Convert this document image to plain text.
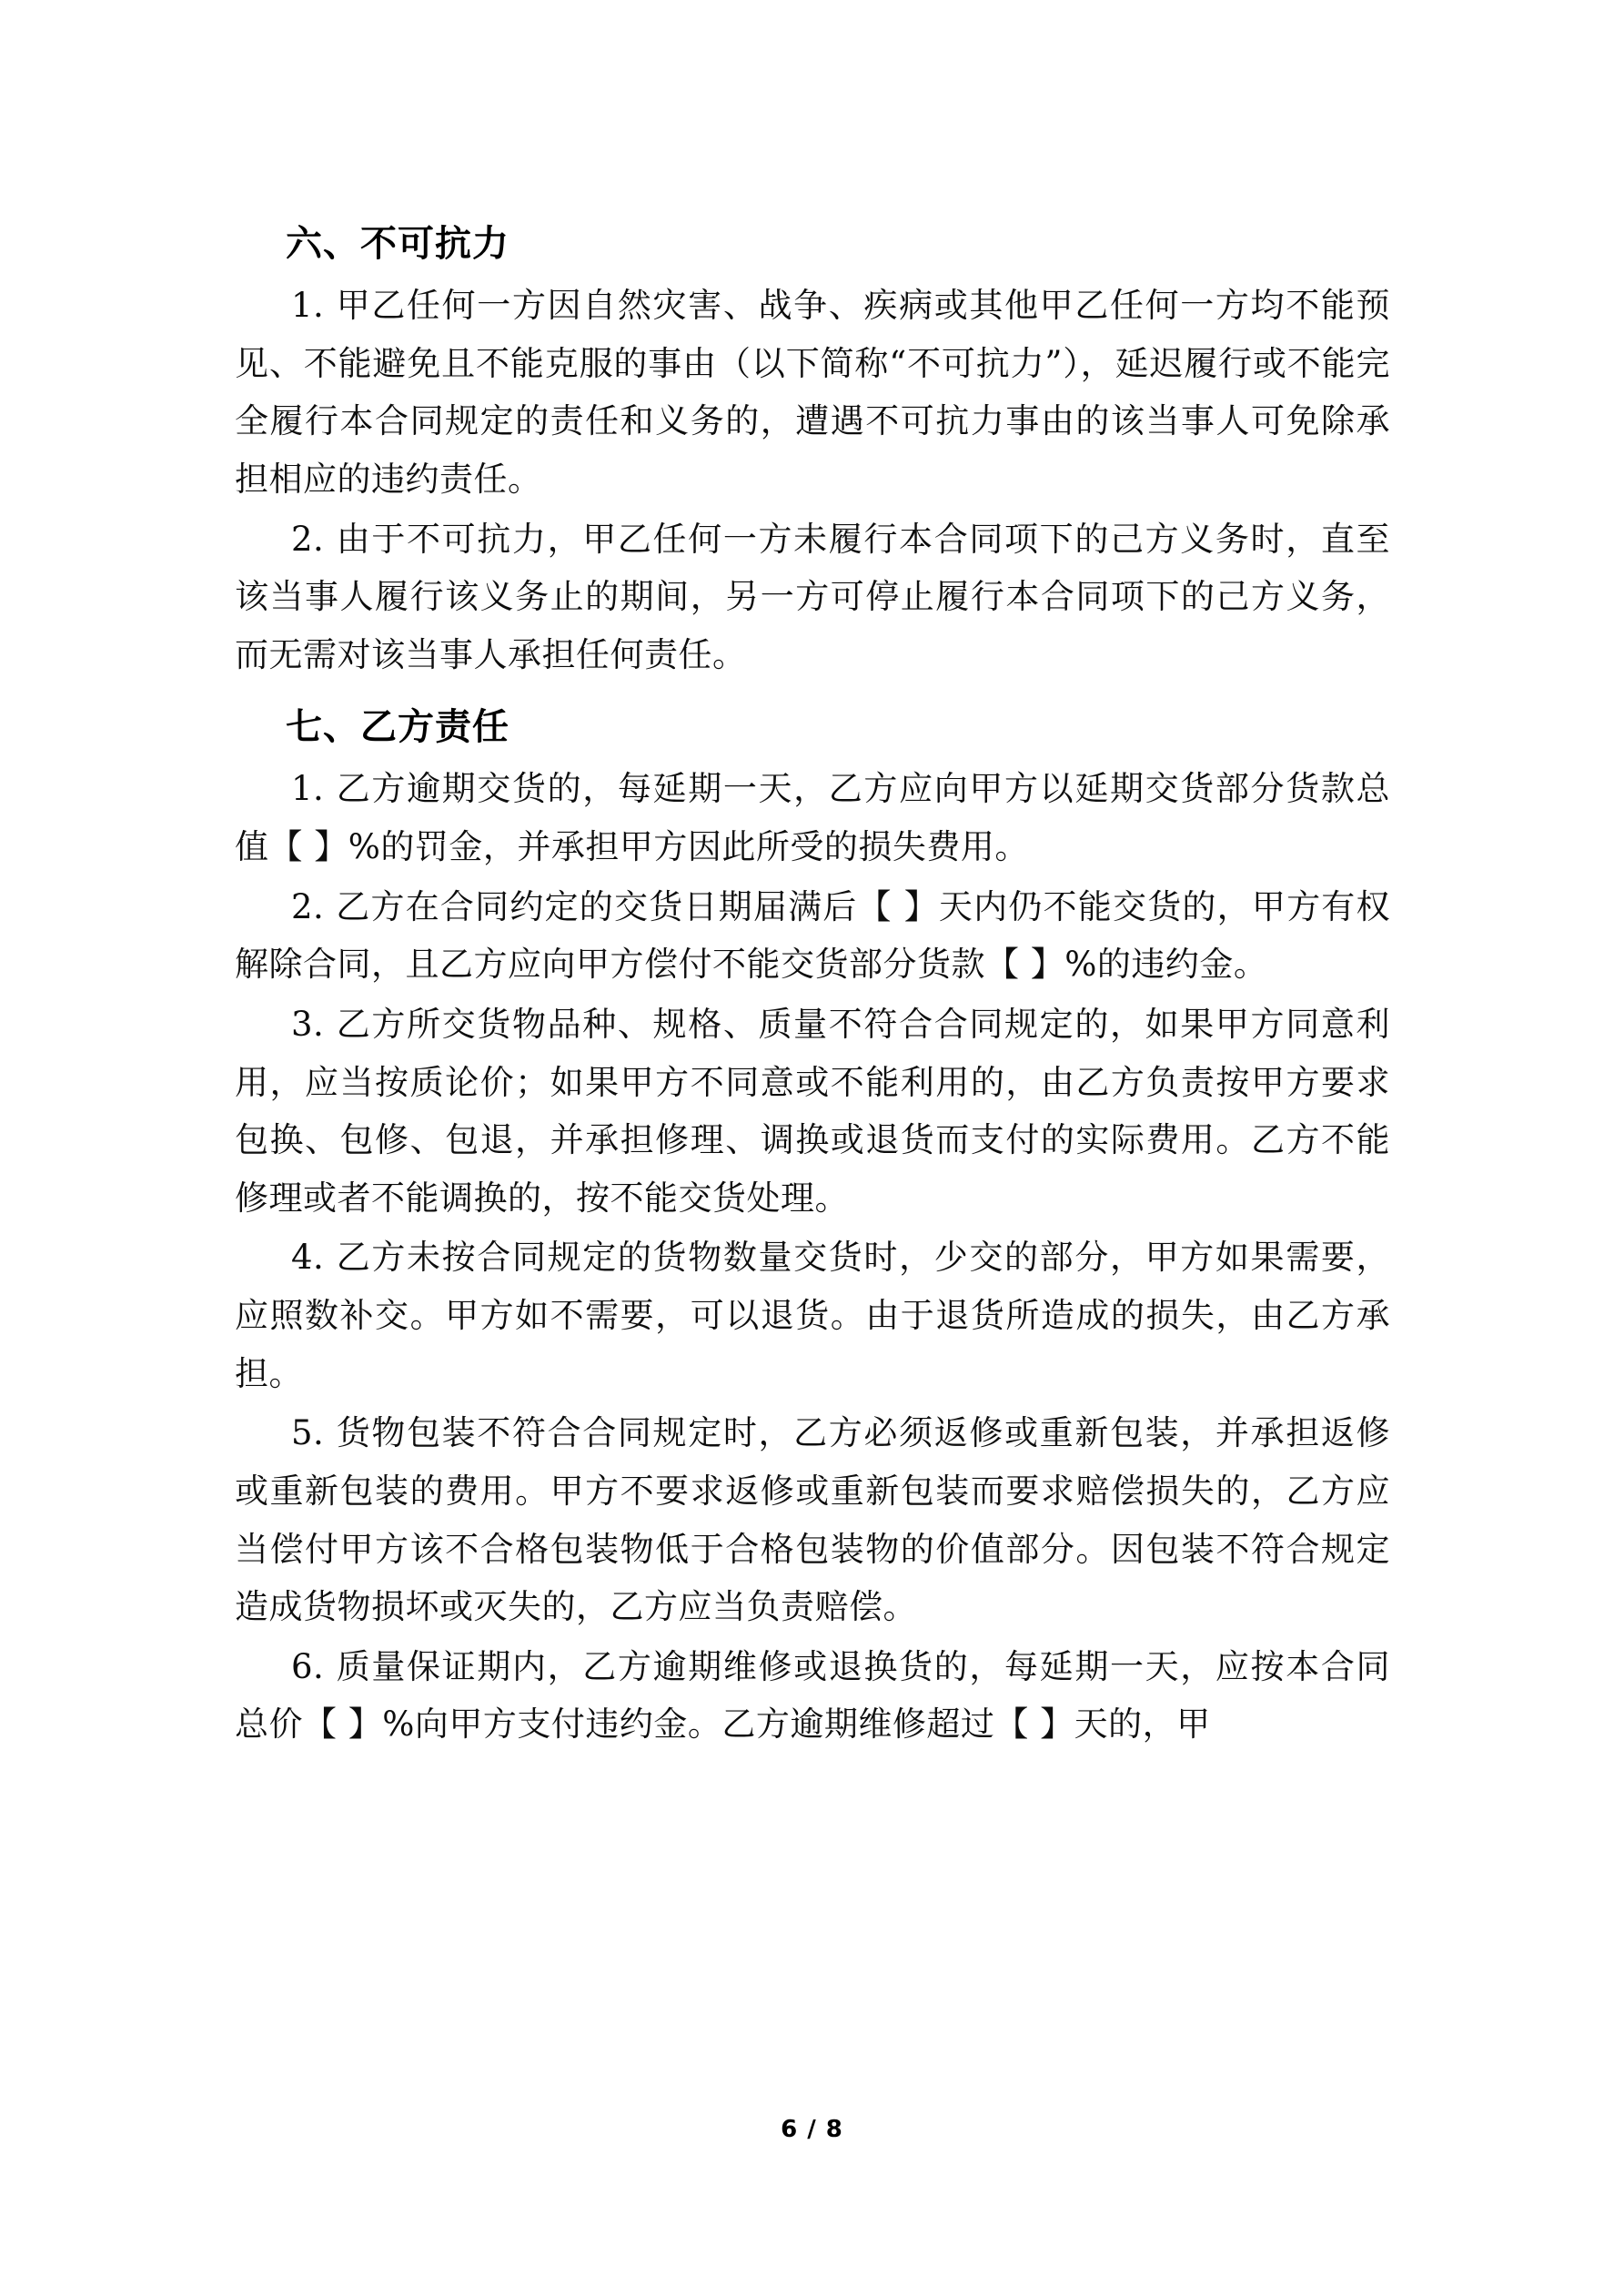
六、不可抗力

1. 甲乙任何一方因自然灾害、战争、疾病或其他甲乙任何一方均不能预见、不能避免且不能克服的事由（以下简称“不可抗力”），延迟履行或不能完全履行本合同规定的责任和义务的，遭遇不可抗力事由的该当事人可免除承担相应的违约责任。

2. 由于不可抗力，甲乙任何一方未履行本合同项下的己方义务时，直至该当事人履行该义务止的期间，另一方可停止履行本合同项下的己方义务，而无需对该当事人承担任何责任。

七、乙方责任

1. 乙方逾期交货的，每延期一天，乙方应向甲方以延期交货部分货款总值【 】%的罚金，并承担甲方因此所受的损失费用。

2. 乙方在合同约定的交货日期届满后【 】天内仍不能交货的，甲方有权解除合同，且乙方应向甲方偿付不能交货部分货款【 】%的违约金。

3. 乙方所交货物品种、规格、质量不符合合同规定的，如果甲方同意利用，应当按质论价；如果甲方不同意或不能利用的，由乙方负责按甲方要求包换、包修、包退，并承担修理、调换或退货而支付的实际费用。乙方不能修理或者不能调换的，按不能交货处理。

4. 乙方未按合同规定的货物数量交货时，少交的部分，甲方如果需要，应照数补交。甲方如不需要，可以退货。由于退货所造成的损失，由乙方承担。

5. 货物包装不符合合同规定时，乙方必须返修或重新包装，并承担返修或重新包装的费用。甲方不要求返修或重新包装而要求赔偿损失的，乙方应当偿付甲方该不合格包装物低于合格包装物的价值部分。因包装不符合规定造成货物损坏或灭失的，乙方应当负责赔偿。

6. 质量保证期内，乙方逾期维修或退换货的，每延期一天，应按本合同总价【 】%向甲方支付违约金。乙方逾期维修超过【 】天的，甲

6 / 8
